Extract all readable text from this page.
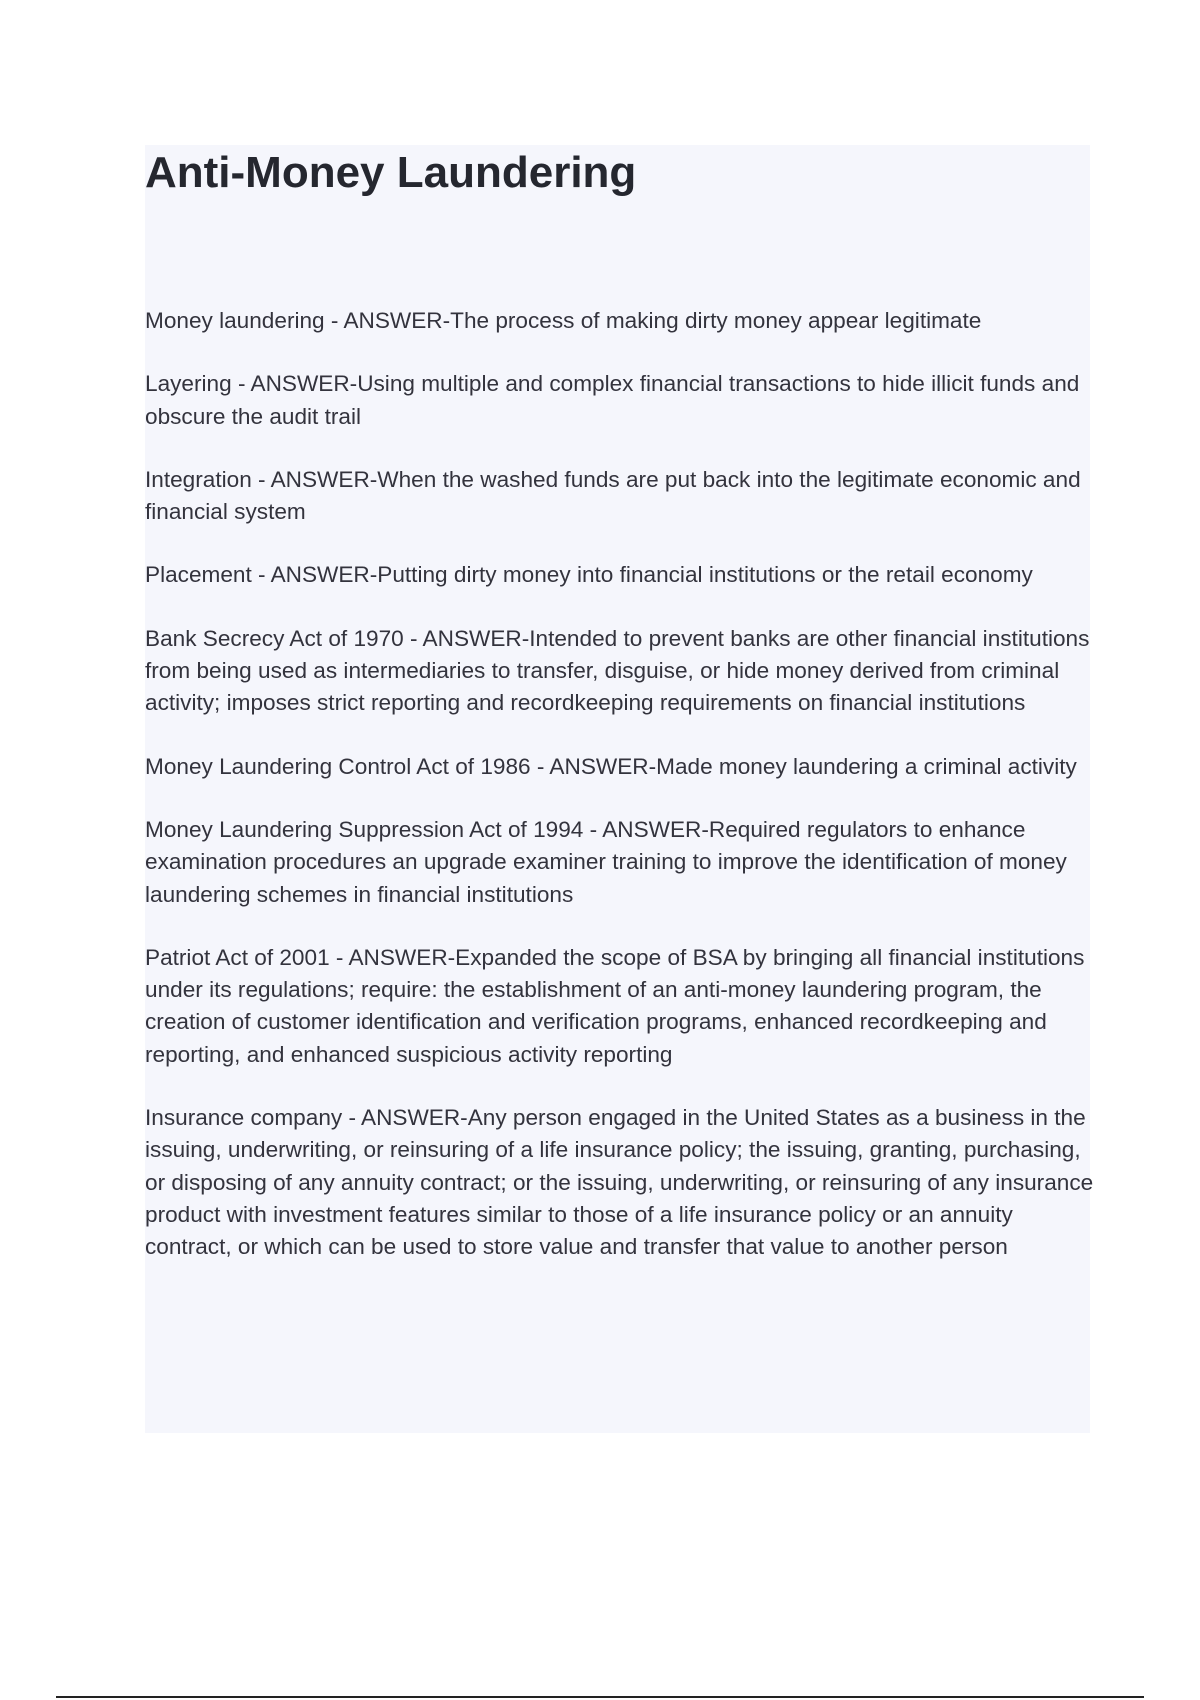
Anti-Money Laundering
Money laundering - ANSWER-The process of making dirty money appear legitimate
Layering - ANSWER-Using multiple and complex financial transactions to hide illicit funds and obscure the audit trail
Integration - ANSWER-When the washed funds are put back into the legitimate economic and financial system
Placement - ANSWER-Putting dirty money into financial institutions or the retail economy
Bank Secrecy Act of 1970 - ANSWER-Intended to prevent banks are other financial institutions from being used as intermediaries to transfer, disguise, or hide money derived from criminal activity; imposes strict reporting and recordkeeping requirements on financial institutions
Money Laundering Control Act of 1986 - ANSWER-Made money laundering a criminal activity
Money Laundering Suppression Act of 1994 - ANSWER-Required regulators to enhance examination procedures an upgrade examiner training to improve the identification of money laundering schemes in financial institutions
Patriot Act of 2001 - ANSWER-Expanded the scope of BSA by bringing all financial institutions under its regulations; require: the establishment of an anti-money laundering program, the creation of customer identification and verification programs, enhanced recordkeeping and reporting, and enhanced suspicious activity reporting
Insurance company - ANSWER-Any person engaged in the United States as a business in the issuing, underwriting, or reinsuring of a life insurance policy; the issuing, granting, purchasing, or disposing of any annuity contract; or the issuing, underwriting, or reinsuring of any insurance product with investment features similar to those of a life insurance policy or an annuity contract, or which can be used to store value and transfer that value to another person
